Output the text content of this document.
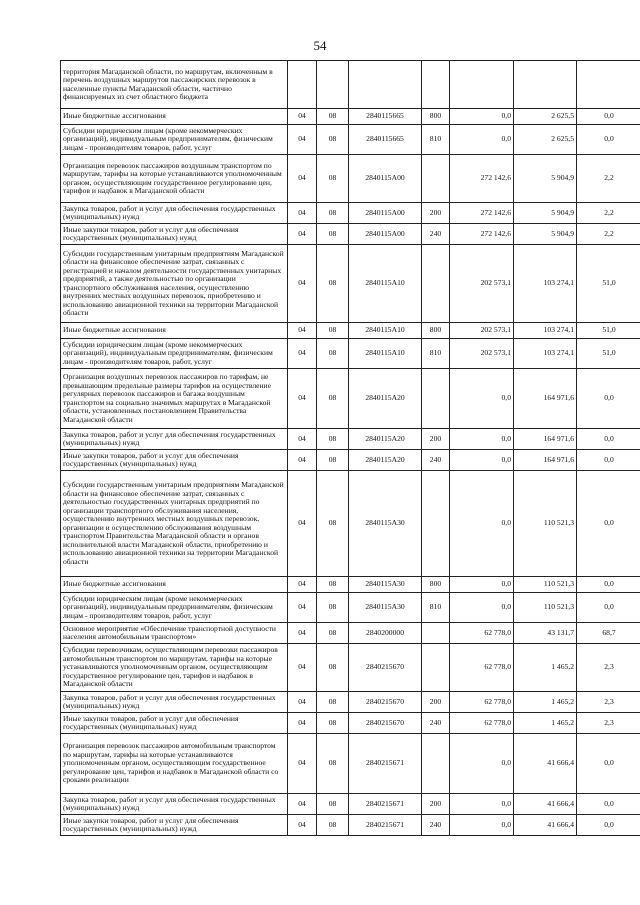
54
территория Магаданской области, по маршрутам, включенным в перечень воздушных маршрутов пассажирских перевозок в населенные пункты Магаданской области, частично финансируемых из счет областного бюджета							
Иные бюджетные ассигнования	04	08	2840115665	800	0,0	2 625,5	0,0
Субсидии юридическим лицам (кроме некоммерческих организаций), индивидуальным предпринимателям, физическим лицам - производителям товаров, работ, услуг	04	08	2840115665	810	0,0	2 625,5	0,0
Организация перевозок пассажиров воздушным транспортом по маршрутам, тарифы на которые устанавливаются уполномоченным органом, осуществляющим государственное регулирование цен, тарифов и надбавок в Магаданской области	04	08	2840115A00		272 142,6	5 904,9	2,2
Закупка товаров, работ и услуг для обеспечения государственных (муниципальных) нужд	04	08	2840115A00	200	272 142,6	5 904,9	2,2
Иные закупки товаров, работ и услуг для обеспечения государственных (муниципальных) нужд	04	08	2840115A00	240	272 142,6	5 904,9	2,2
Субсидии государственным унитарным предприятиям Магаданской области на финансовое обеспечение затрат, связанных с регистрацией и началом деятельности государственных унитарных предприятий, а также деятельностью по организации транспортного обслуживания населения, осуществлению внутренних местных воздушных перевозок, приобретению и использованию авиационной техники на территории Магаданской области	04	08	2840115A10		202 573,1	103 274,1	51,0
Иные бюджетные ассигнования	04	08	2840115A10	800	202 573,1	103 274,1	51,0
Субсидии юридическим лицам (кроме некоммерческих организаций), индивидуальным предпринимателям, физическим лицам - производителям товаров, работ, услуг	04	08	2840115A10	810	202 573,1	103 274,1	51,0
Организация воздушных перевозок пассажиров по тарифам, не превышающим предельные размеры тарифов на осуществление регулярных перевозок пассажиров и багажа воздушным транспортом на социально значимых маршрутах в Магаданской области, установленных постановлением Правительства Магаданской области	04	08	2840115A20		0,0	164 971,6	0,0
Закупка товаров, работ и услуг для обеспечения государственных (муниципальных) нужд	04	08	2840115A20	200	0,0	164 971,6	0,0
Иные закупки товаров, работ и услуг для обеспечения государственных (муниципальных) нужд	04	08	2840115A20	240	0,0	164 971,6	0,0
Субсидии государственным унитарным предприятиям Магаданской области на финансовое обеспечение затрат, связанных с деятельностью государственных унитарных предприятий по организации транспортного обслуживания населения, осуществлению внутренних местных воздушных перевозок, организации и осуществлению обслуживания воздушным транспортом Правительства Магаданской области и органов исполнительной власти Магаданской области, приобретению и использованию авиационной техники на территории Магаданской области	04	08	2840115A30		0,0	110 521,3	0,0
Иные бюджетные ассигнования	04	08	2840115A30	800	0,0	110 521,3	0,0
Субсидии юридическим лицам (кроме некоммерческих организаций), индивидуальным предпринимателям, физическим лицам - производителям товаров, работ, услуг	04	08	2840115A30	810	0,0	110 521,3	0,0
Основное мероприятие «Обеспечение транспортной доступности населения автомобильным транспортом»	04	08	2840200000		62 778,0	43 131,7	68,7
Субсидии перевозчикам, осуществляющим перевозки пассажиров автомобильным транспортом по маршрутам, тарифы на которые устанавливаются уполномоченным органом, осуществляющим государственное регулирование цен, тарифов и надбавок в Магаданской области	04	08	2840215670		62 778,0	1 465,2	2,3
Закупка товаров, работ и услуг для обеспечения государственных (муниципальных) нужд	04	08	2840215670	200	62 778,0	1 465,2	2,3
Иные закупки товаров, работ и услуг для обеспечения государственных (муниципальных) нужд	04	08	2840215670	240	62 778,0	1 465,2	2,3
Организация перевозок пассажиров автомобильным транспортом по маршрутам, тарифы на которые устанавливаются уполномоченным органом, осуществляющим государственное регулирование цен, тарифов и надбавок в Магаданской области со сроками реализации	04	08	2840215671		0,0	41 666,4	0,0
Закупка товаров, работ и услуг для обеспечения государственных (муниципальных) нужд	04	08	2840215671	200	0,0	41 666,4	0,0
Иные закупки товаров, работ и услуг для обеспечения государственных (муниципальных) нужд	04	08	2840215671	240	0,0	41 666,4	0,0
